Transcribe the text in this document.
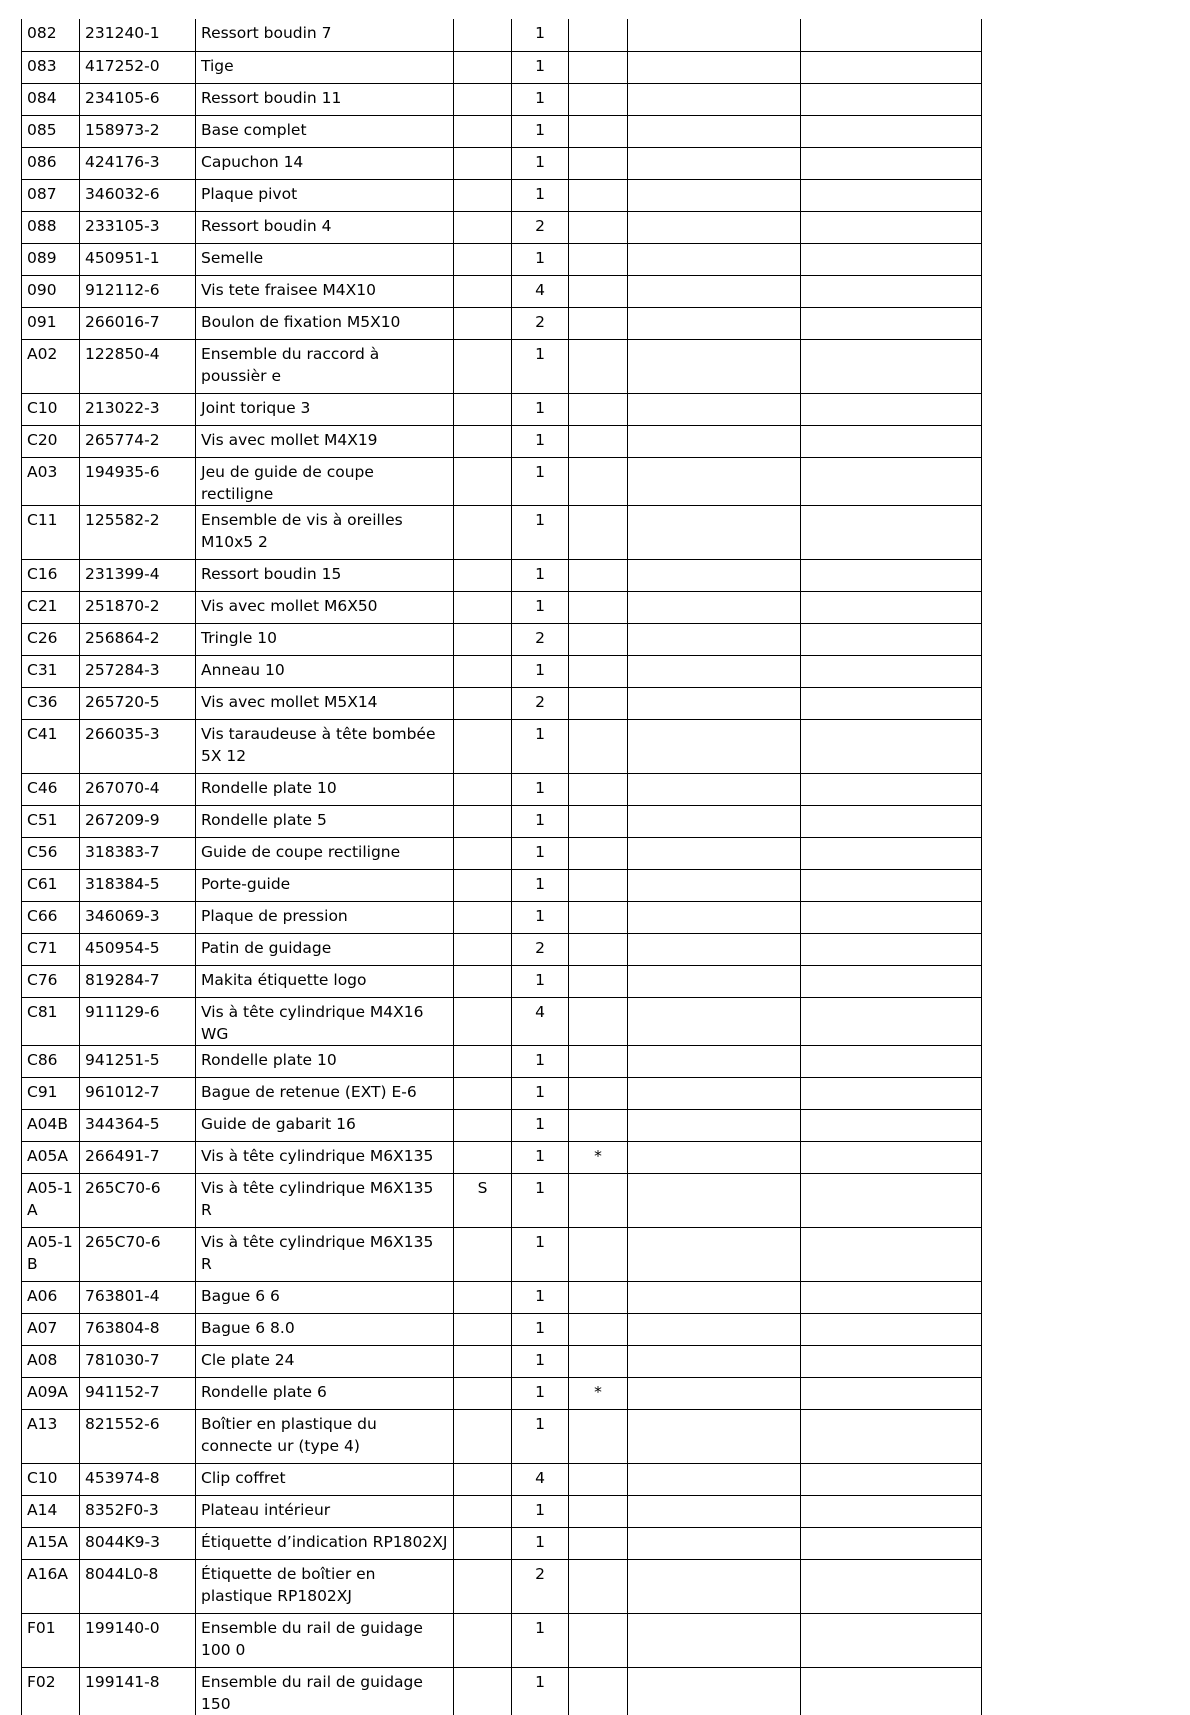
082	231240-1	Ressort boudin 7		1			
083	417252-0	Tige		1			
084	234105-6	Ressort boudin 11		1			
085	158973-2	Base complet		1			
086	424176-3	Capuchon 14		1			
087	346032-6	Plaque pivot		1			
088	233105-3	Ressort boudin 4		2			
089	450951-1	Semelle		1			
090	912112-6	Vis tete fraisee M4X10		4			
091	266016-7	Boulon de fixation M5X10		2			
A02	122850-4	Ensemble du raccord à poussièr e		1			
C10	213022-3	Joint torique 3		1			
C20	265774-2	Vis avec mollet M4X19		1			
A03	194935-6	Jeu de guide de coupe rectiligne		1			
C11	125582-2	Ensemble de vis à oreilles M10x5 2		1			
C16	231399-4	Ressort boudin 15		1			
C21	251870-2	Vis avec mollet M6X50		1			
C26	256864-2	Tringle 10		2			
C31	257284-3	Anneau 10		1			
C36	265720-5	Vis avec mollet M5X14		2			
C41	266035-3	Vis taraudeuse à tête bombée 5X 12		1			
C46	267070-4	Rondelle plate 10		1			
C51	267209-9	Rondelle plate 5		1			
C56	318383-7	Guide de coupe rectiligne		1			
C61	318384-5	Porte-guide		1			
C66	346069-3	Plaque de pression		1			
C71	450954-5	Patin de guidage		2			
C76	819284-7	Makita étiquette logo		1			
C81	911129-6	Vis à tête cylindrique M4X16 WG		4			
C86	941251-5	Rondelle plate 10		1			
C91	961012-7	Bague de retenue (EXT) E-6		1			
A04B	344364-5	Guide de gabarit 16		1			
A05A	266491-7	Vis à tête cylindrique M6X135		1	*		
A05-1 A	265C70-6	Vis à tête cylindrique M6X135 R	S	1			
A05-1 B	265C70-6	Vis à tête cylindrique M6X135 R		1			
A06	763801-4	Bague 6 6		1			
A07	763804-8	Bague 6 8.0		1			
A08	781030-7	Cle plate 24		1			
A09A	941152-7	Rondelle plate 6		1	*		
A13	821552-6	Boîtier en plastique du connecte ur (type 4)		1			
C10	453974-8	Clip coffret		4			
A14	8352F0-3	Plateau intérieur		1			
A15A	8044K9-3	Étiquette d’indication RP1802XJ		1			
A16A	8044L0-8	Étiquette de boîtier en plastique RP1802XJ		2			
F01	199140-0	Ensemble du rail de guidage 100 0		1			
F02	199141-8	Ensemble du rail de guidage 150		1			
